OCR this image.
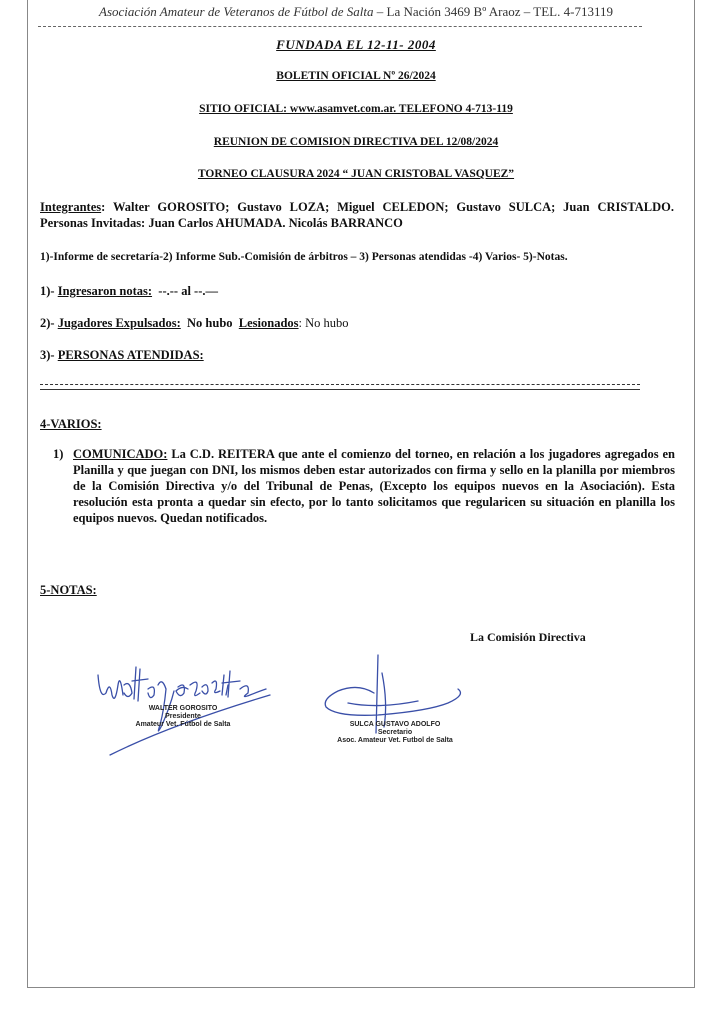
Asociación Amateur de Veteranos de Fútbol de Salta – La Nación 3469 Bº Araoz – TEL. 4-713119
FUNDADA EL 12-11- 2004
BOLETIN OFICIAL Nº 26/2024
SITIO OFICIAL: www.asamvet.com.ar. TELEFONO 4-713-119
REUNION DE COMISION DIRECTIVA DEL 12/08/2024
TORNEO CLAUSURA 2024 “ JUAN CRISTOBAL VASQUEZ”
Integrantes: Walter GOROSITO; Gustavo LOZA; Miguel CELEDON; Gustavo SULCA; Juan CRISTALDO. Personas Invitadas: Juan Carlos AHUMADA. Nicolás BARRANCO
1)-Informe de secretaría-2) Informe Sub.-Comisión de árbitros – 3) Personas atendidas -4) Varios- 5)-Notas.
1)- Ingresaron notas:  --.-- al --.—
2)- Jugadores Expulsados:  No hubo  Lesionados: No hubo
3)- PERSONAS ATENDIDAS:
4-VARIOS:
1) COMUNICADO: La C.D. REITERA que ante el comienzo del torneo, en relación a los jugadores agregados en Planilla y que juegan con DNI, los mismos deben estar autorizados con firma y sello en la planilla por miembros de la Comisión Directiva y/o del Tribunal de Penas, (Excepto los equipos nuevos en la Asociación). Esta resolución esta pronta a quedar sin efecto, por lo tanto solicitamos que regularicen su situación en planilla los equipos nuevos. Quedan notificados.
5-NOTAS:
La Comisión Directiva
WALTER GOROSITO
Presidente
Amateur Vet. Fútbol de Salta	SULCA GUSTAVO ADOLFO
Secretario
Asoc. Amateur Vet. Futbol de Salta
